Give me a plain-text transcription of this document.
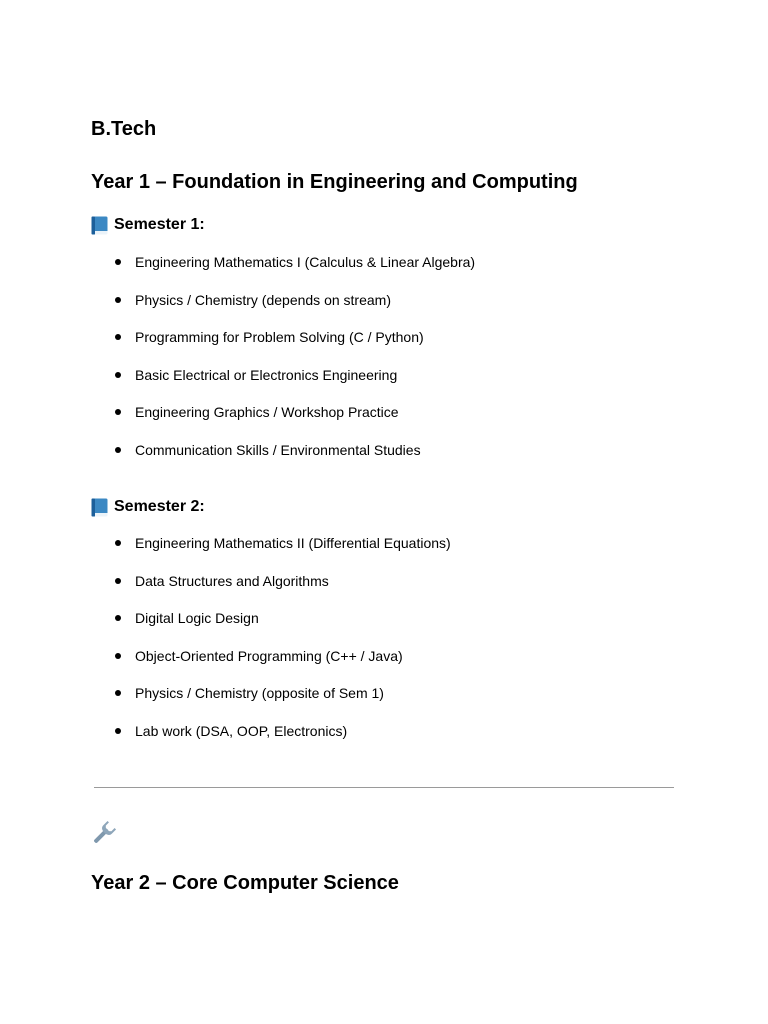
B.Tech
Year 1 – Foundation in Engineering and Computing
Semester 1:
Engineering Mathematics I (Calculus & Linear Algebra)
Physics / Chemistry (depends on stream)
Programming for Problem Solving (C / Python)
Basic Electrical or Electronics Engineering
Engineering Graphics / Workshop Practice
Communication Skills / Environmental Studies
Semester 2:
Engineering Mathematics II (Differential Equations)
Data Structures and Algorithms
Digital Logic Design
Object-Oriented Programming (C++ / Java)
Physics / Chemistry (opposite of Sem 1)
Lab work (DSA, OOP, Electronics)
Year 2 – Core Computer Science
